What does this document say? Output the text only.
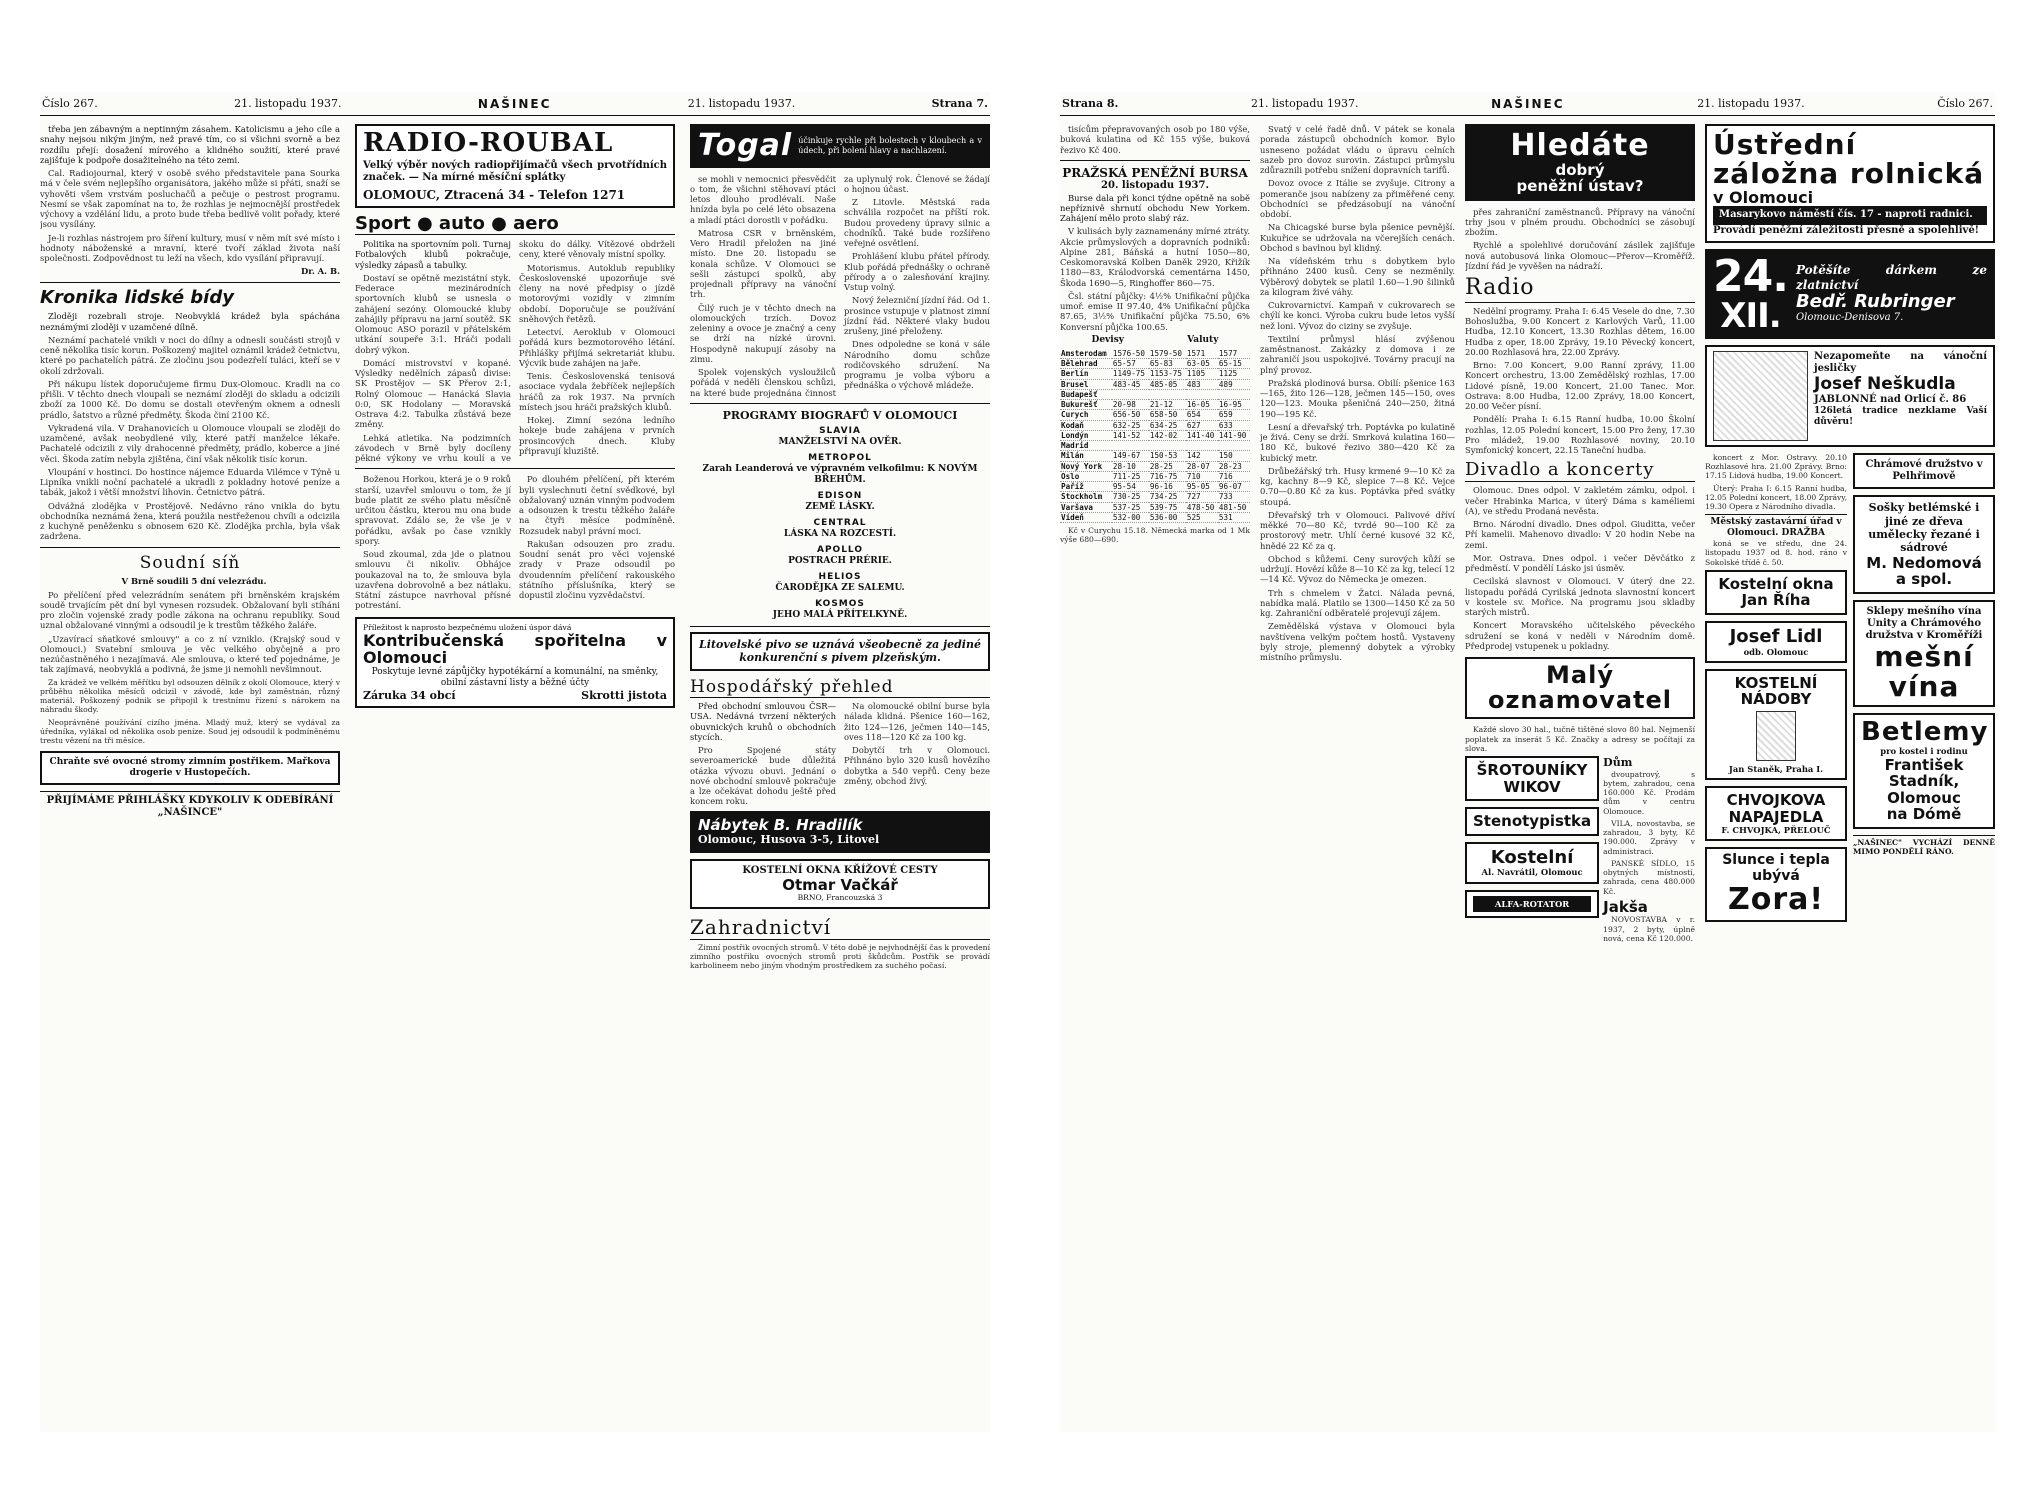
Číslo 267.	21. listopadu 1937.	NAŠINEC	21. listopadu 1937.	Strana 7.

třeba jen zábavným a neptinným zásahem. Katolicismu a jeho cíle a snahy nejsou nikým jiným, než pravé tím, co si všichni svorně a bez rozdílu přejí: dosažení mírového a klidného soužití, které pravé zajišťuje k podpoře dosažitelného na této zemi.

Cal. Radiojournal, který v osobě svého představitele pana Sourka má v čele svém nejlepšího organisátora, jakého může si přáti, snaží se vyhověti všem vrstvám posluchačů a pečuje o pestrost programu. Nesmí se však zapomínat na to, že rozhlas je nejmocnější prostředek výchovy a vzdělání lidu, a proto bude třeba bedlivě volit pořady, které jsou vysílány.

Je-li rozhlas nástrojem pro šíření kultury, musí v něm mít své místo i hodnoty náboženské a mravní, které tvoří základ života naší společnosti. Zodpovědnost tu leží na všech, kdo vysílání připravují.

Dr. A. B.

Kronika lidské bídy

Zloději rozebrali stroje. Neobvyklá krádež byla spáchána neznámými zloději v uzamčené dílně.

Neznámí pachatelé vnikli v noci do dílny a odnesli součásti strojů v ceně několika tisíc korun. Poškozený majitel oznámil krádež četnictvu, které po pachatelích pátrá. Ze zločinu jsou podezřelí tuláci, kteří se v okolí zdržovali.

Při nákupu lístek doporučujeme firmu Dux-Olomouc. Kradli na co přišli. V těchto dnech vloupali se neznámí zloději do skladu a odcizili zboží za 1000 Kč. Do domu se dostali otevřeným oknem a odnesli prádlo, šatstvo a různé předměty. Škoda činí 2100 Kč.

Vykradená vila. V Drahanovicích u Olomouce vloupali se zloději do uzamčené, avšak neobydlené vily, které patří manželce lékaře. Pachatelé odcizili z vily drahocenné předměty, prádlo, koberce a jiné věci. Škoda zatím nebyla zjištěna, činí však několik tisíc korun.

Vloupání v hostinci. Do hostince nájemce Eduarda Vilémce v Týně u Lipníka vnikli noční pachatelé a ukradli z pokladny hotové peníze a tabák, jakož i větší množství lihovin. Četnictvo pátrá.

Odvážná zlodějka v Prostějově. Nedávno ráno vnikla do bytu obchodníka neznámá žena, která použila nestřeženou chvíli a odcizila z kuchyně peněženku s obnosem 620 Kč. Zlodějka prchla, byla však zadržena.

Soudní síň

V Brně soudili 5 dní velezrádu.

Po přelíčení před velezrádním senátem při brněnském krajském soudě trvajícím pět dní byl vynesen rozsudek. Obžalovaní byli stíháni pro zločin vojenské zrady podle zákona na ochranu republiky. Soud uznal obžalované vinnými a odsoudil je k trestům těžkého žaláře.

„Uzavírací sňatkové smlouvy" a co z ní vzniklo. (Krajský soud v Olomouci.) Svatební smlouva je věc velkého obyčejně a pro nezúčastněného i nezajímavá. Ale smlouva, o které teď pojednáme, je tak zajímavá, neobvyklá a podivná, že jsme ji nemohli nevšimnout.

Za krádež ve velkém měřítku byl odsouzen dělník z okolí Olomouce, který v průběhu několika měsíců odcizil v závodě, kde byl zaměstnán, různý materiál. Poškozený podnik se připojil k trestnímu řízení s nárokem na náhradu škody.

Neoprávněné používání cizího jména. Mladý muž, který se vydával za úředníka, vylákal od několika osob peníze. Soud jej odsoudil k podmíněnému trestu vězení na tři měsíce.

Chraňte své ovocné stromy zimním postřikem. Mařkova drogerie v Hustopečích.
PŘIJÍMÁME PŘIHLÁŠKY KDYKOLIV K ODEBÍRÁNÍ „NAŠINCE"
RADIO-ROUBAL
Velký výběr nových radiopřijímačů všech prvotřídních značek. — Na mírné měsíční splátky
OLOMOUC, Ztracená 34 - Telefon 1271
Sport ● auto ● aero

Politika na sportovním poli. Turnaj Fotbalových klubů pokračuje, výsledky zápasů a tabulky.

Dostaví se opětně mezistátní styk. Federace mezinárodních sportovních klubů se usnesla o zahájení sezóny. Olomoucké kluby zahájily přípravu na jarní soutěž. SK Olomouc ASO porazil v přátelském utkání soupeře 3:1. Hráči podali dobrý výkon.

Domácí mistrovství v kopané. Výsledky nedělních zápasů divise: SK Prostějov — SK Přerov 2:1, Rolný Olomouc — Hanácká Slavia 0:0, SK Hodolany — Moravská Ostrava 4:2. Tabulka zůstává beze změny.

Lehká atletika. Na podzimních závodech v Brně byly docíleny pěkné výkony ve vrhu koulí a ve skoku do dálky. Vítězové obdrželi ceny, které věnovaly místní spolky.

Motorismus. Autoklub republiky Československé upozorňuje své členy na nové předpisy o jízdě motorovými vozidly v zimním období. Doporučuje se používání sněhových řetězů.

Letectví. Aeroklub v Olomouci pořádá kurs bezmotorového létání. Přihlášky přijímá sekretariát klubu. Výcvik bude zahájen na jaře.

Tenis. Československá tenisová asociace vydala žebříček nejlepších hráčů za rok 1937. Na prvních místech jsou hráči pražských klubů.

Hokej. Zimní sezóna ledního hokeje bude zahájena v prvních prosincových dnech. Kluby připravují kluziště.

Boženou Horkou, která je o 9 roků starší, uzavřel smlouvu o tom, že jí bude platit ze svého platu měsíčně určitou částku, kterou mu ona bude spravovat. Zdálo se, že vše je v pořádku, avšak po čase vznikly spory.

Soud zkoumal, zda jde o platnou smlouvu či nikoliv. Obhájce poukazoval na to, že smlouva byla uzavřena dobrovolně a bez nátlaku. Státní zástupce navrhoval přísné potrestání.

Po dlouhém přelíčení, při kterém byli vyslechnuti četní svědkové, byl obžalovaný uznán vinným podvodem a odsouzen k trestu těžkého žaláře na čtyři měsíce podmíněně. Rozsudek nabyl právní moci.

Rakušan odsouzen pro zradu. Soudní senát pro věci vojenské zrady v Praze odsoudil po dvoudenním přelíčení rakouského státního příslušníka, který se dopustil zločinu vyzvědačství.

Příležitost k naprosto bezpečnému uložení úspor dává
Kontribučenská spořitelna v Olomouci
Poskytuje levné zápůjčky hypotékární a komunální, na směnky, obilní zástavní listy a běžné účty
Záruka 34 obcí	Skrotti jistota
Togal účinkuje rychle při bolestech v kloubech a v údech, při bolení hlavy a nachlazení.

se mohli v nemocnici přesvědčit o tom, že všichni stěhovaví ptáci letos dlouho prodlévali. Naše hnízda byla po celé léto obsazena a mladí ptáci dorostli v pořádku.

Matrosa CSR v brněnském, Vero Hradil přeložen na jiné místo. Dne 20. listopadu se konala schůze. V Olomouci se sešli zástupci spolků, aby projednali přípravy na vánoční trh.

Čilý ruch je v těchto dnech na olomouckých trzích. Dovoz zeleniny a ovoce je značný a ceny se drží na nízké úrovni. Hospodyně nakupují zásoby na zimu.

Spolek vojenských vysloužilců pořádá v neděli členskou schůzi, na které bude projednána činnost za uplynulý rok. Členové se žádají o hojnou účast.

Z Litovle. Městská rada schválila rozpočet na příští rok. Budou provedeny úpravy silnic a chodníků. Také bude rozšířeno veřejné osvětlení.

Prohlášení klubu přátel přírody. Klub pořádá přednášky o ochraně přírody a o zalesňování krajiny. Vstup volný.

Nový železniční jízdní řád. Od 1. prosince vstupuje v platnost zimní jízdní řád. Některé vlaky budou zrušeny, jiné přeloženy.

Dnes odpoledne se koná v sále Národního domu schůze rodičovského sdružení. Na programu je volba výboru a přednáška o výchově mládeže.

PROGRAMY BIOGRAFŮ V OLOMOUCI
SLAVIA
MANŽELSTVÍ NA OVĚR.
METROPOL
Zarah Leanderová ve výpravném velkofilmu: K NOVÝM BŘEHŮM.
EDISON
ZEMĚ LÁSKY.
CENTRAL
LÁSKA NA ROZCESTÍ.
APOLLO
POSTRACH PRÉRIE.
HELIOS
ČARODĚJKA ZE SALEMU.
KOSMOS
JEHO MALÁ PŘÍTELKYNĚ.
Litovelské pivo se uznává všeobecně za jediné konkurenční s pivem plzeňským.
Hospodářský přehled

Před obchodní smlouvou ČSR—USA. Nedávná tvrzení některých obuvnických kruhů o obchodních stycích.

Pro Spojené státy severoamerické bude důležitá otázka vývozu obuvi. Jednání o nové obchodní smlouvě pokračuje a lze očekávat dohodu ještě před koncem roku.

Na olomoucké obilní burse byla nálada klidná. Pšenice 160—162, žito 124—126, ječmen 140—145, oves 118—120 Kč za 100 kg.

Dobytčí trh v Olomouci. Přihnáno bylo 320 kusů hovězího dobytka a 540 vepřů. Ceny beze změny, obchod živý.

Nábytek B. Hradilík
Olomouc, Husova 3-5, Litovel
KOSTELNÍ OKNA KŘÍŽOVÉ CESTY
Otmar Vačkář
BRNO, Francouzská 3
Zahradnictví

Zimní postřik ovocných stromů. V této době je nejvhodnější čas k provedení zimního postřiku ovocných stromů proti škůdcům. Postřik se provádí karbolineem nebo jiným vhodným prostředkem za suchého počasí.

Strana 8.	21. listopadu 1937.	NAŠINEC	21. listopadu 1937.	Číslo 267.

tisícům přepravovaných osob po 180 výše, buková kulatina od Kč 155 výše, buková řezivo Kč 400.

PRAŽSKÁ PENĚŽNÍ BURSA
20. listopadu 1937.

Burse dala při konci týdne opětně na sobě nepříznivě shrnutí obchodu New Yorkem. Zahájení mělo proto slabý ráz.

V kulisách byly zaznamenány mírné ztráty. Akcie průmyslových a dopravních podniků: Alpine 281, Báňská a hutní 1050—80, Ceskomoravská Kolben Daněk 2920, Křižík 1180—83, Králodvorská cementárna 1450, Škoda 1690—5, Ringhoffer 860—75.

Čsl. státní půjčky: 4½% Unifikační půjčka umoř. emise II 97.40, 4% Unifikační půjčka 87.65, 3½% Unifikační půjčka 75.50, 6% Konversní půjčka 100.65.

Devisy	Valuty
Amsterodam	1576-50	1579-50	1571	1577
Bělehrad	65-57	65-83	63-05	65-15
Berlín	1149-75	1153-75	1105	1125
Brusel	483-45	485-05	483	489
Budapešť				
Bukurešť	20-98	21-12	16-05	16-95
Curych	656-50	658-50	654	659
Kodaň	632-25	634-25	627	633
Londýn	141-52	142-02	141-40	141-90
Madrid				
Milán	149-67	150-53	142	150
Nový York	28-10	28-25	28-07	28-23
Oslo	711-25	716-75	710	716
Paříž	95-54	96-16	95-05	96-07
Stockholm	730-25	734-25	727	733
Varšava	537-25	539-75	478-50	481-50
Vídeň	532-00	536-00	525	531

Kč v Curychu 15.18. Německá marka od 1 Mk výše 680—690.

Svatý v celé řadě dnů. V pátek se konala porada zástupců obchodních komor. Bylo usneseno požádat vládu o úpravu celních sazeb pro dovoz surovin. Zástupci průmyslu zdůraznili potřebu snížení dopravních tarifů.

Dovoz ovoce z Itálie se zvyšuje. Citrony a pomeranče jsou nabízeny za přiměřené ceny. Obchodníci se předzásobují na vánoční období.

Na Chicagské burse byla pšenice pevnější. Kukuřice se udržovala na včerejších cenách. Obchod s bavlnou byl klidný.

Na vídeňském trhu s dobytkem bylo přihnáno 2400 kusů. Ceny se nezměnily. Výběrový dobytek se platil 1.60—1.90 šilinků za kilogram živé váhy.

Cukrovarnictví. Kampaň v cukrovarech se chýlí ke konci. Výroba cukru bude letos vyšší než loni. Vývoz do ciziny se zvyšuje.

Textilní průmysl hlásí zvýšenou zaměstnanost. Zakázky z domova i ze zahraničí jsou uspokojivé. Továrny pracují na plný provoz.

Pražská plodinová bursa. Obilí: pšenice 163—165, žito 126—128, ječmen 145—150, oves 120—123. Mouka pšeničná 240—250, žitná 190—195 Kč.

Lesní a dřevařský trh. Poptávka po kulatině je živá. Ceny se drží. Smrková kulatina 160—180 Kč, bukové řezivo 380—420 Kč za kubický metr.

Drůbežářský trh. Husy krmené 9—10 Kč za kg, kachny 8—9 Kč, slepice 7—8 Kč. Vejce 0.70—0.80 Kč za kus. Poptávka před svátky stoupá.

Dřevařský trh v Olomouci. Palivové dříví měkké 70—80 Kč, tvrdé 90—100 Kč za prostorový metr. Uhlí černé kusové 32 Kč, hnědé 22 Kč za q.

Obchod s kůžemi. Ceny surových kůží se udržují. Hovězí kůže 8—10 Kč za kg, telecí 12—14 Kč. Vývoz do Německa je omezen.

Trh s chmelem v Žatci. Nálada pevná, nabídka malá. Platilo se 1300—1450 Kč za 50 kg. Zahraniční odběratelé projevují zájem.

Zemědělská výstava v Olomouci byla navštívena velkým počtem hostů. Vystaveny byly stroje, plemenný dobytek a výrobky místního průmyslu.

Hledáte
dobrý
peněžní ústav?

přes zahraniční zaměstnanců. Přípravy na vánoční trhy jsou v plném proudu. Obchodníci se zásobují zbožím.

Rychlé a spolehlivé doručování zásilek zajišťuje nová autobusová linka Olomouc—Přerov—Kroměříž. Jízdní řád je vyvěšen na nádraží.

Radio

Nedělní programy. Praha I: 6.45 Vesele do dne, 7.30 Bohoslužba, 9.00 Koncert z Karlových Varů, 11.00 Hudba, 12.10 Koncert, 13.30 Rozhlas dětem, 16.00 Hudba z oper, 18.00 Zprávy, 19.10 Pěvecký koncert, 20.00 Rozhlasová hra, 22.00 Zprávy.

Brno: 7.00 Koncert, 9.00 Ranní zprávy, 11.00 Koncert orchestru, 13.00 Zemědělský rozhlas, 17.00 Lidové písně, 19.00 Koncert, 21.00 Tanec. Mor. Ostrava: 8.00 Hudba, 12.00 Zprávy, 18.00 Koncert, 20.00 Večer písní.

Pondělí: Praha I: 6.15 Ranní hudba, 10.00 Školní rozhlas, 12.05 Polední koncert, 15.00 Pro ženy, 17.30 Pro mládež, 19.00 Rozhlasové noviny, 20.10 Symfonický koncert, 22.15 Taneční hudba.

Divadlo a koncerty

Olomouc. Dnes odpol. V zakletém zámku, odpol. i večer Hrabinka Marica, v úterý Dáma s kaméliemi (A), ve středu Prodaná nevěsta.

Brno. Národní divadlo. Dnes odpol. Giuditta, večer Pří kamelii. Mahenovo divadlo: V 20 hodin Nebe na zemi.

Mor. Ostrava. Dnes odpol. i večer Děvčátko z předměstí. V pondělí Lásko jsi úsměv.

Cecilská slavnost v Olomouci. V úterý dne 22. listopadu pořádá Cyrilská jednota slavnostní koncert v kostele sv. Mořice. Na programu jsou skladby starých mistrů.

Koncert Moravského učitelského pěveckého sdružení se koná v neděli v Národním domě. Předprodej vstupenek u pokladny.

Malý oznamovatel

Každé slovo 30 hal., tučně tištěné slovo 80 hal. Nejmenší poplatek za inserát 5 Kč. Značky a adresy se počítají za slova.

ŠROTOUNÍKY
WIKOV
Stenotypistka
Kostelní
Al. Navrátil, Olomouc
ALFA-ROTATOR
Dům

dvoupatrový, s bytem, zahradou, cena 160.000 Kč. Prodám dům v centru Olomouce.

VILA, novostavba, se zahradou, 3 byty, Kč 190.000. Zprávy v administraci.

PANSKÉ SÍDLO, 15 obytných místností, zahrada, cena 480.000 Kč.

Jakša

NOVOSTAVBA v r. 1937, 2 byty, úplně nová, cena Kč 120.000.

Ústřední záložna rolnická
v Olomouci
Masarykovo náměstí čís. 17 - naproti radnici.
Provádí peněžní záležitosti přesně a spolehlivě!
24.
XII.
Potěšíte dárkem ze zlatnictví
Bedř. Rubringer
Olomouc-Denisova 7.
Nezapomeňte na vánoční jesličky
Josef Neškudla
JABLONNÉ nad Orlicí č. 86
126letá tradice nezklame Vaší důvěru!

koncert z Mor. Ostravy. 20.10 Rozhlasové hra. 21.00 Zprávy. Brno: 17.15 Lidová hudba, 19.00 Koncert.

Úterý: Praha I: 6.15 Ranní hudba, 12.05 Polední koncert, 18.00 Zprávy, 19.30 Opera z Národního divadla.

Městský zastavární úřad v Olomouci. DRAŽBA

koná se ve středu, dne 24. listopadu 1937 od 8. hod. ráno v Sokolské třídě č. 50.

Kostelní okna
Jan Říha
Josef Lidl
odb. Olomouc
KOSTELNÍ NÁDOBY
Jan Staněk, Praha I.
CHVOJKOVA NAPAJEDLA
F. CHVOJKA, PŘELOUČ
Slunce i tepla ubývá
Zora!
Chrámové družstvo v Pelhřimově
Sošky betlémské i jiné ze dřeva umělecky řezané i sádrové
M. Nedomová a spol.
Sklepy mešního vína Unity a Chrámového družstva v Kroměříži
mešní vína
Betlemy
pro kostel i rodinu
František Stadník, Olomouc
na Dómě
„NAŠINEC" VYCHÁZÍ DENNĚ MIMO PONDĚLÍ RÁNO.
